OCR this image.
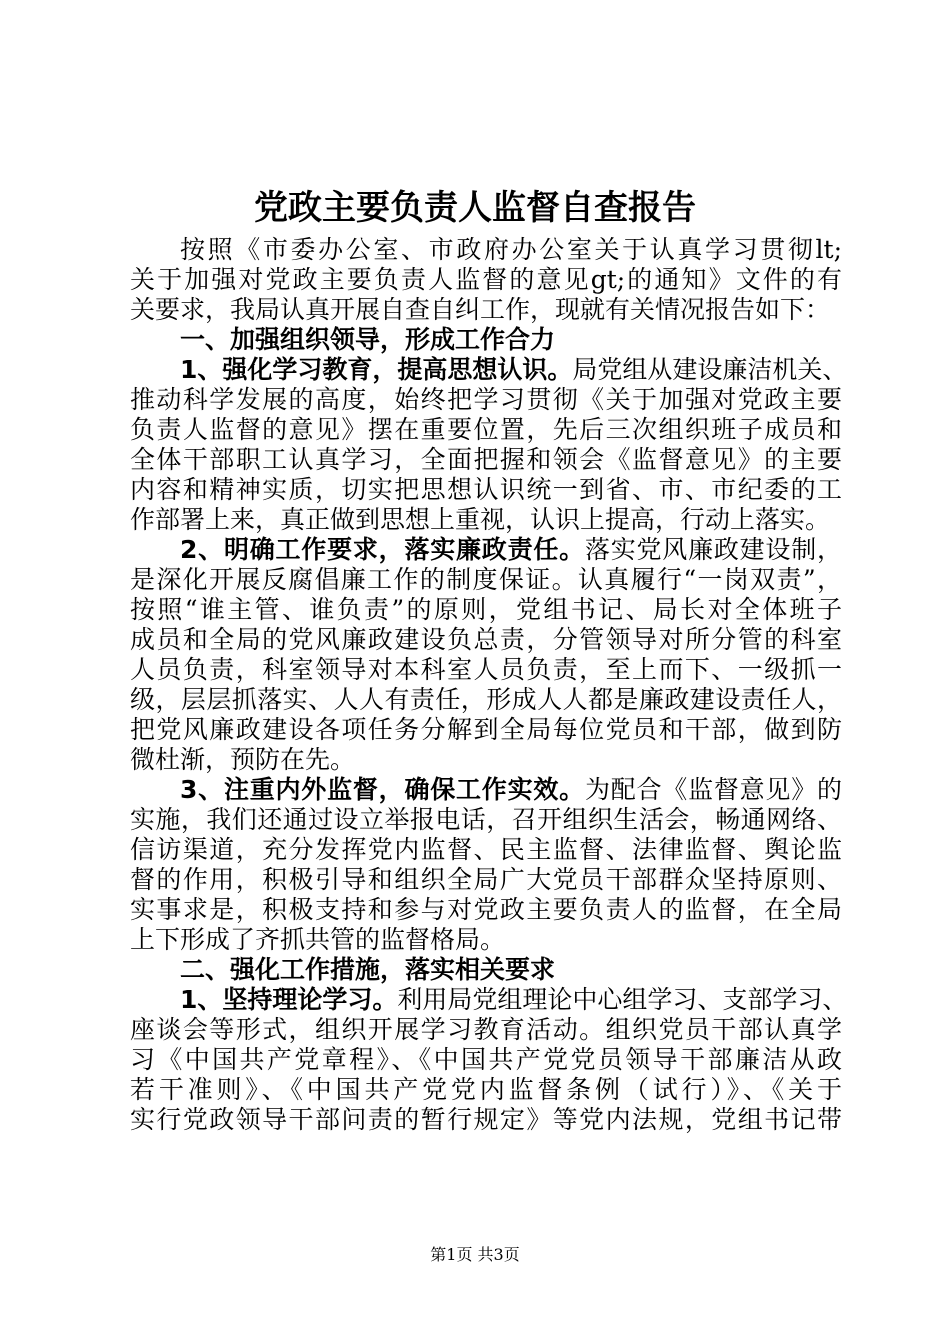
党政主要负责人监督自查报告
按照《市委办公室、市政府办公室关于认真学习贯彻lt;
关于加强对党政主要负责人监督的意见gt;的通知》文件的有
关要求，我局认真开展自查自纠工作，现就有关情况报告如下：
一、加强组织领导，形成工作合力
1、强化学习教育，提高思想认识。局党组从建设廉洁机关、
推动科学发展的高度，始终把学习贯彻《关于加强对党政主要
负责人监督的意见》摆在重要位置，先后三次组织班子成员和
全体干部职工认真学习，全面把握和领会《监督意见》的主要
内容和精神实质，切实把思想认识统一到省、市、市纪委的工
作部署上来，真正做到思想上重视，认识上提高，行动上落实。
2、明确工作要求，落实廉政责任。落实党风廉政建设制，
是深化开展反腐倡廉工作的制度保证。认真履行“一岗双责”，
按照“谁主管、谁负责”的原则，党组书记、局长对全体班子
成员和全局的党风廉政建设负总责，分管领导对所分管的科室
人员负责，科室领导对本科室人员负责，至上而下、一级抓一
级，层层抓落实、人人有责任，形成人人都是廉政建设责任人，
把党风廉政建设各项任务分解到全局每位党员和干部，做到防
微杜渐，预防在先。
3、注重内外监督，确保工作实效。为配合《监督意见》的
实施，我们还通过设立举报电话，召开组织生活会，畅通网络、
信访渠道，充分发挥党内监督、民主监督、法律监督、舆论监
督的作用，积极引导和组织全局广大党员干部群众坚持原则、
实事求是，积极支持和参与对党政主要负责人的监督，在全局
上下形成了齐抓共管的监督格局。
二、强化工作措施，落实相关要求
1、坚持理论学习。利用局党组理论中心组学习、支部学习、
座谈会等形式，组织开展学习教育活动。组织党员干部认真学
习《中国共产党章程》、《中国共产党党员领导干部廉洁从政
若干准则》、《中国共产党党内监督条例（试行）》、《关于
实行党政领导干部问责的暂行规定》等党内法规，党组书记带
第1页 共3页
